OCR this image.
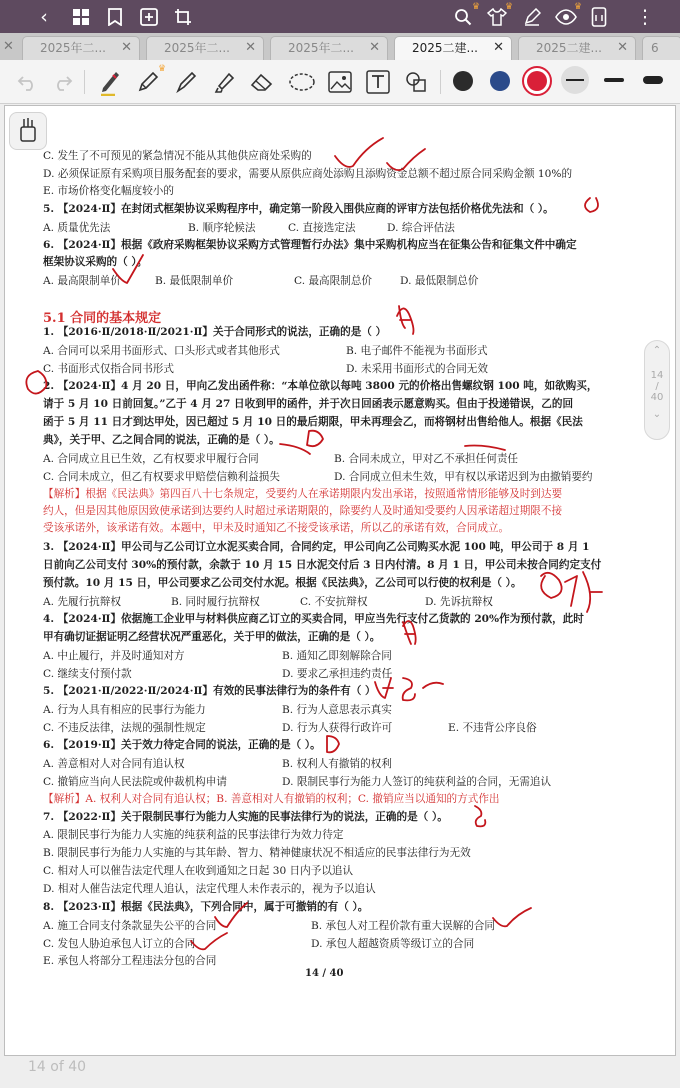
‹	♛	♛	♛	⋮
✕	2025年二... ✕	2025年二... ✕	2025年二... ✕	2025二建... ✕	2025二建... ✕	6
♛
C. 发生了不可预见的紧急情况不能从其他供应商处采购的
D. 必须保证原有采购项目服务配套的要求，需要从原供应商处添购且添购资金总额不超过原合同采购金额 10%的
E. 市场价格变化幅度较小的
5. 【2024·Ⅱ】在封闭式框架协议采购程序中，确定第一阶段入围供应商的评审方法包括价格优先法和（ ）。
A. 质量优先法	B. 顺序轮候法	C. 直接选定法	D. 综合评估法
6. 【2024·Ⅱ】根据《政府采购框架协议采购方式管理暂行办法》集中采购机构应当在征集公告和征集文件中确定
框架协议采购的（ ）。
A. 最高限制单价	B. 最低限制单价	C. 最高限制总价	D. 最低限制总价
5.1 合同的基本规定
1. 【2016·Ⅱ/2018·Ⅱ/2021·Ⅱ】关于合同形式的说法，正确的是（ ）
A. 合同可以采用书面形式、口头形式或者其他形式	B. 电子邮件不能视为书面形式
C. 书面形式仅指合同书形式	D. 未采用书面形式的合同无效
2. 【2024·Ⅱ】4 月 20 日，甲向乙发出函件称：“本单位欲以每吨 3800 元的价格出售螺纹钢 100 吨，如欲购买，
请于 5 月 10 日前回复。”乙于 4 月 27 日收到甲的函件，并于次日回函表示愿意购买。但由于投递错误，乙的回
函于 5 月 11 日才到达甲处，因已超过 5 月 10 日的最后期限，甲未再理会乙，而将钢材出售给他人。根据《民法
典》，关于甲、乙之间合同的说法，正确的是（ ）。
A. 合同成立且已生效，乙有权要求甲履行合同	B. 合同未成立，甲对乙不承担任何责任
C. 合同未成立，但乙有权要求甲赔偿信赖利益损失	D. 合同成立但未生效，甲有权以承诺迟到为由撤销要约
【解析】根据《民法典》第四百八十七条规定，受要约人在承诺期限内发出承诺，按照通常情形能够及时到达要
约人，但是因其他原因致使承诺到达要约人时超过承诺期限的，除要约人及时通知受要约人因承诺超过期限不接
受该承诺外，该承诺有效。本题中，甲未及时通知乙不接受该承诺，所以乙的承诺有效，合同成立。
3. 【2024·Ⅱ】甲公司与乙公司订立水泥买卖合同，合同约定，甲公司向乙公司购买水泥 100 吨，甲公司于 8 月 1
日前向乙公司支付 30%的预付款，余款于 10 月 15 日水泥交付后 3 日内付清。8 月 1 日，甲公司未按合同约定支付
预付款。10 月 15 日，甲公司要求乙公司交付水泥。根据《民法典》，乙公司可以行使的权利是（ ）。
A. 先履行抗辩权	B. 同时履行抗辩权	C. 不安抗辩权	D. 先诉抗辩权
4. 【2024·Ⅱ】依据施工企业甲与材料供应商乙订立的买卖合同，甲应当先行支付乙货款的 20%作为预付款，此时
甲有确切证据证明乙经营状况严重恶化，关于甲的做法，正确的是（ ）。
A. 中止履行，并及时通知对方	B. 通知乙即刻解除合同
C. 继续支付预付款	D. 要求乙承担违约责任
5. 【2021·Ⅱ/2022·Ⅱ/2024·Ⅱ】有效的民事法律行为的条件有（ ）
A. 行为人具有相应的民事行为能力	B. 行为人意思表示真实
C. 不违反法律，法规的强制性规定	D. 行为人获得行政许可	E. 不违背公序良俗
6. 【2019·Ⅱ】关于效力待定合同的说法，正确的是（ ）。
A. 善意相对人对合同有追认权	B. 权利人有撤销的权利
C. 撤销应当向人民法院或仲裁机构申请	D. 限制民事行为能力人签订的纯获利益的合同，无需追认
【解析】A. 权利人对合同有追认权；B. 善意相对人有撤销的权利；C. 撤销应当以通知的方式作出
7. 【2022·Ⅱ】关于限制民事行为能力人实施的民事法律行为的说法，正确的是（ ）。
A. 限制民事行为能力人实施的纯获利益的民事法律行为效力待定
B. 限制民事行为能力人实施的与其年龄、智力、精神健康状况不相适应的民事法律行为无效
C. 相对人可以催告法定代理人在收到通知之日起 30 日内予以追认
D. 相对人催告法定代理人追认，法定代理人未作表示的，视为予以追认
8. 【2023·Ⅱ】根据《民法典》，下列合同中，属于可撤销的有（ ）。
A. 施工合同支付条款显失公平的合同	B. 承包人对工程价款有重大误解的合同
C. 发包人胁迫承包人订立的合同	D. 承包人超越资质等级订立的合同
E. 承包人将部分工程违法分包的合同
14 / 40
⌃
14
/
40
⌄
14 of 40
